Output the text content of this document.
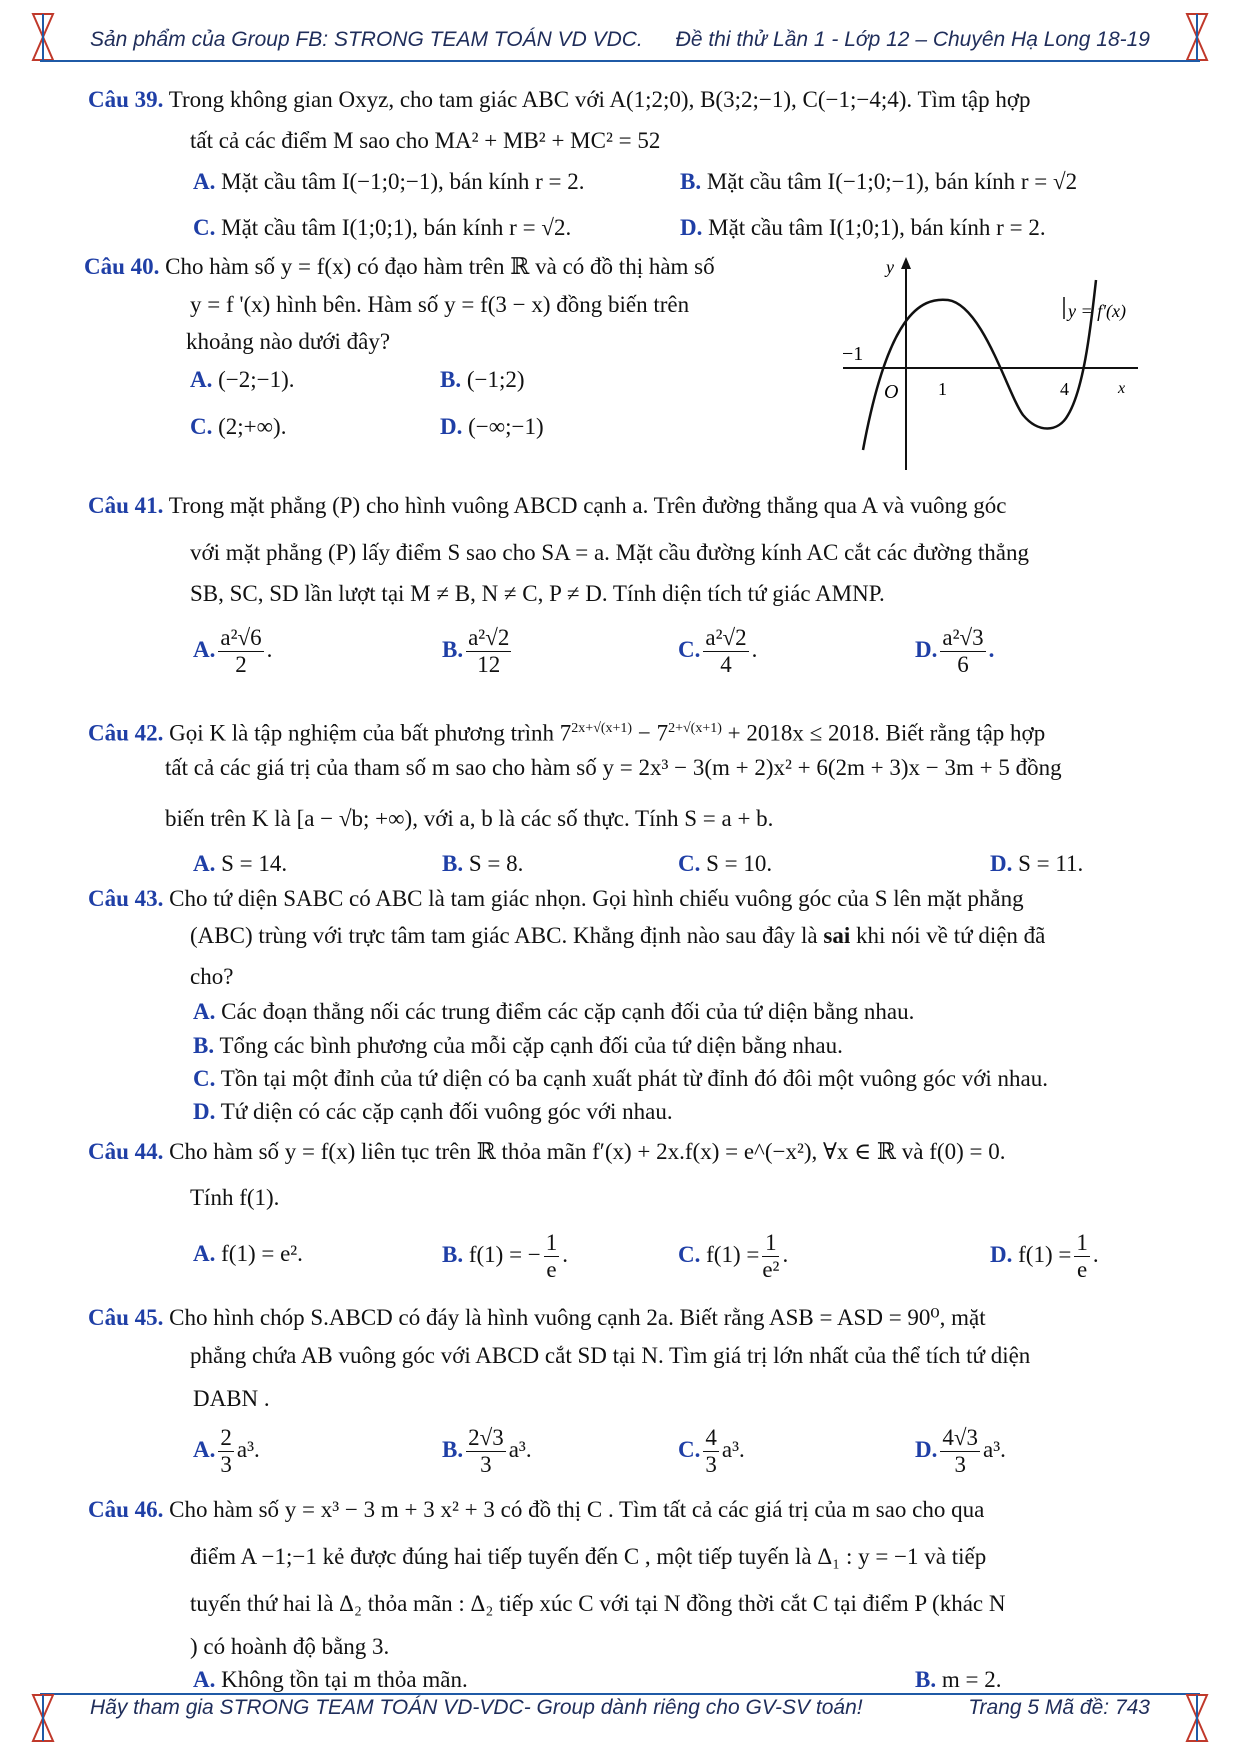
Sản phẩm của Group FB: STRONG TEAM TOÁN VD VDC. Đề thi thử Lần 1 - Lớp 12 – Chuyên Hạ Long 18-19
Câu 39. Trong không gian Oxyz, cho tam giác ABC với A(1;2;0), B(3;2;−1), C(−1;−4;4). Tìm tập hợp
tất cả các điểm M sao cho MA² + MB² + MC² = 52
A. Mặt cầu tâm I(−1;0;−1), bán kính r = 2.	B. Mặt cầu tâm I(−1;0;−1), bán kính r = √2
C. Mặt cầu tâm I(1;0;1), bán kính r = √2.	D. Mặt cầu tâm I(1;0;1), bán kính r = 2.
Câu 40. Cho hàm số y = f(x) có đạo hàm trên ℝ và có đồ thị hàm số
y = f '(x) hình bên. Hàm số y = f(3 − x) đồng biến trên
khoảng nào dưới đây?
A. (−2;−1).	B. (−1;2)
C. (2;+∞).	D. (−∞;−1)
y
x
y = f'(x)
−1
O 1	4
Câu 41. Trong mặt phẳng (P) cho hình vuông ABCD cạnh a. Trên đường thẳng qua A và vuông góc
với mặt phẳng (P) lấy điểm S sao cho SA = a. Mặt cầu đường kính AC cắt các đường thẳng
SB, SC, SD lần lượt tại M ≠ B, N ≠ C, P ≠ D. Tính diện tích tứ giác AMNP.
A. $\frac{\text{a²√6}}{2}$ .	B. $\frac{\text{a²√2}}{12}$	C. $\frac{\text{a²√2}}{4}$ .	D. $\frac{\text{a²√3}}{6}$ .
Câu 42. Gọi K là tập nghiệm của bất phương trình $7^{2x+√(x+1)} - 7^{2+√(x+1)} + 2018x \le 2018$. Biết rằng tập hợp
tất cả các giá trị của tham số m sao cho hàm số y = 2x³ − 3(m + 2)x² + 6(2m + 3)x − 3m + 5 đồng
biến trên K là [a − √b; +∞), với a, b là các số thực. Tính S = a + b.
A. S = 14.	B. S = 8.	C. S = 10.	D. S = 11.
Câu 43. Cho tứ diện SABC có ABC là tam giác nhọn. Gọi hình chiếu vuông góc của S lên mặt phẳng
(ABC) trùng với trực tâm tam giác ABC. Khẳng định nào sau đây là sai khi nói về tứ diện đã
cho?
A. Các đoạn thẳng nối các trung điểm các cặp cạnh đối của tứ diện bằng nhau.
B. Tổng các bình phương của mỗi cặp cạnh đối của tứ diện bằng nhau.
C. Tồn tại một đỉnh của tứ diện có ba cạnh xuất phát từ đỉnh đó đôi một vuông góc với nhau.
D. Tứ diện có các cặp cạnh đối vuông góc với nhau.
Câu 44. Cho hàm số y = f(x) liên tục trên ℝ thỏa mãn f′(x) + 2x.f(x) = e^(−x²), ∀x ∈ ℝ và f(0) = 0.
Tính f(1).
A. f(1) = e².	B. f(1) = − $\frac{1}{e}$ .	C. $f(1) = \frac{1}{\text{e²}}$ .	D. $f(1) = \frac{1}{e}$ .
Câu 45. Cho hình chóp S.ABCD có đáy là hình vuông cạnh 2a. Biết rằng ASB = ASD = 90⁰, mặt
phẳng chứa AB vuông góc với ABCD cắt SD tại N. Tìm giá trị lớn nhất của thể tích tứ diện
DABN .
A. $\frac{2}{3} a^3$.	B. $\frac{2√3}{3} a^3$.	C. $\frac{4}{3} a^3$.	D. $\frac{4√3}{3} a^3$.
Câu 46. Cho hàm số y = x³ − 3 m + 3 x² + 3 có đồ thị C . Tìm tất cả các giá trị của m sao cho qua
điểm A −1;−1 kẻ được đúng hai tiếp tuyến đến C , một tiếp tuyến là Δ₁ : y = −1 và tiếp
tuyến thứ hai là Δ₂ thỏa mãn : Δ₂ tiếp xúc C với tại N đồng thời cắt C tại điểm P (khác N
) có hoành độ bằng 3.
A. Không tồn tại m thỏa mãn.	B. m = 2.
Hãy tham gia STRONG TEAM TOÁN VD-VDC- Group dành riêng cho GV-SV toán!	Trang 5 Mã đề: 743
